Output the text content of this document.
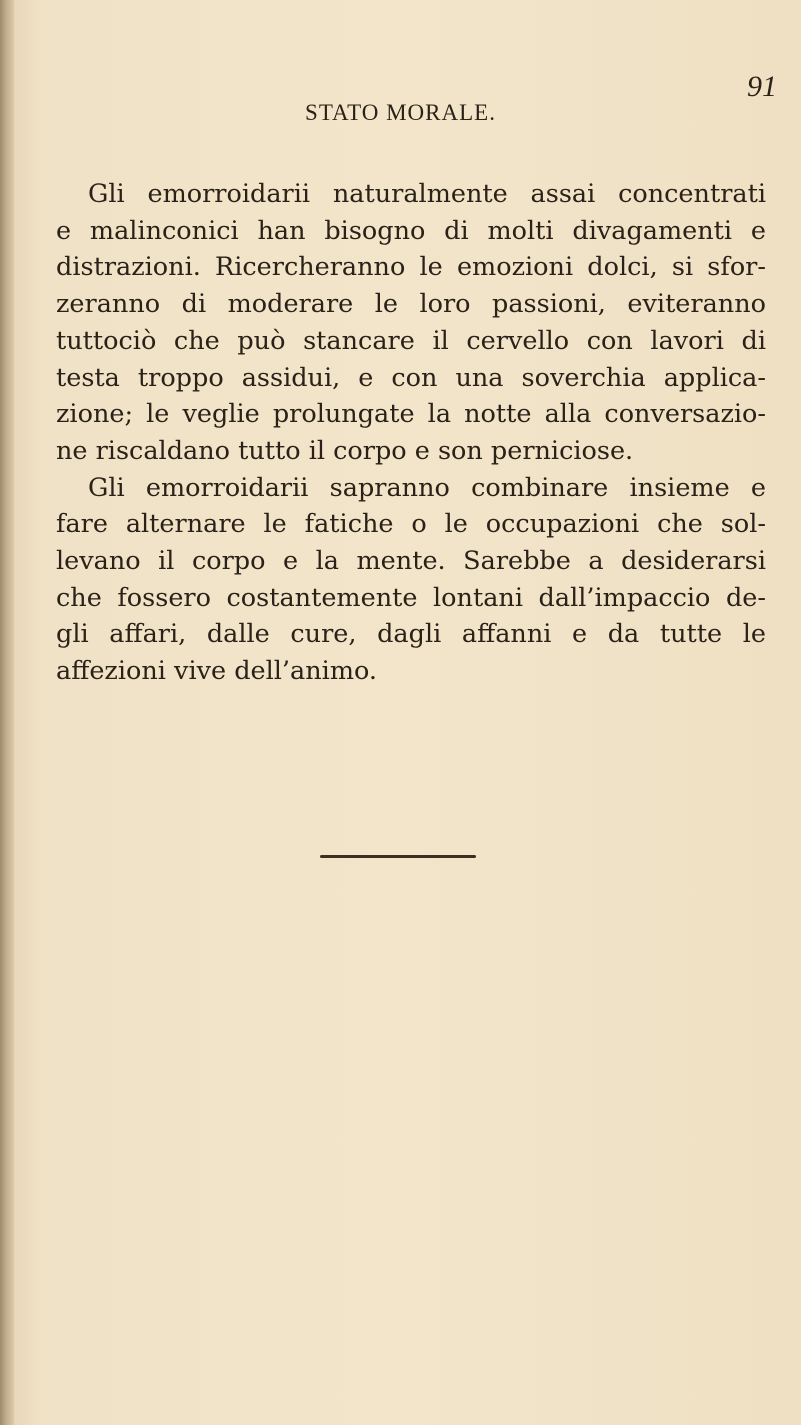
91
STATO MORALE.
Gli emorroidarii naturalmente assai concentrati
e malinconici han bisogno di molti divagamenti e
distrazioni. Ricercheranno le emozioni dolci, si sfor-
zeranno di moderare le loro passioni, eviteranno
tuttociò che può stancare il cervello con lavori di
testa troppo assidui, e con una soverchia applica-
zione; le veglie prolungate la notte alla conversazio-
ne riscaldano tutto il corpo e son perniciose.
Gli emorroidarii sapranno combinare insieme e
fare alternare le fatiche o le occupazioni che sol-
levano il corpo e la mente. Sarebbe a desiderarsi
che fossero costantemente lontani dall’impaccio de-
gli affari, dalle cure, dagli affanni e da tutte le
affezioni vive dell’animo.
